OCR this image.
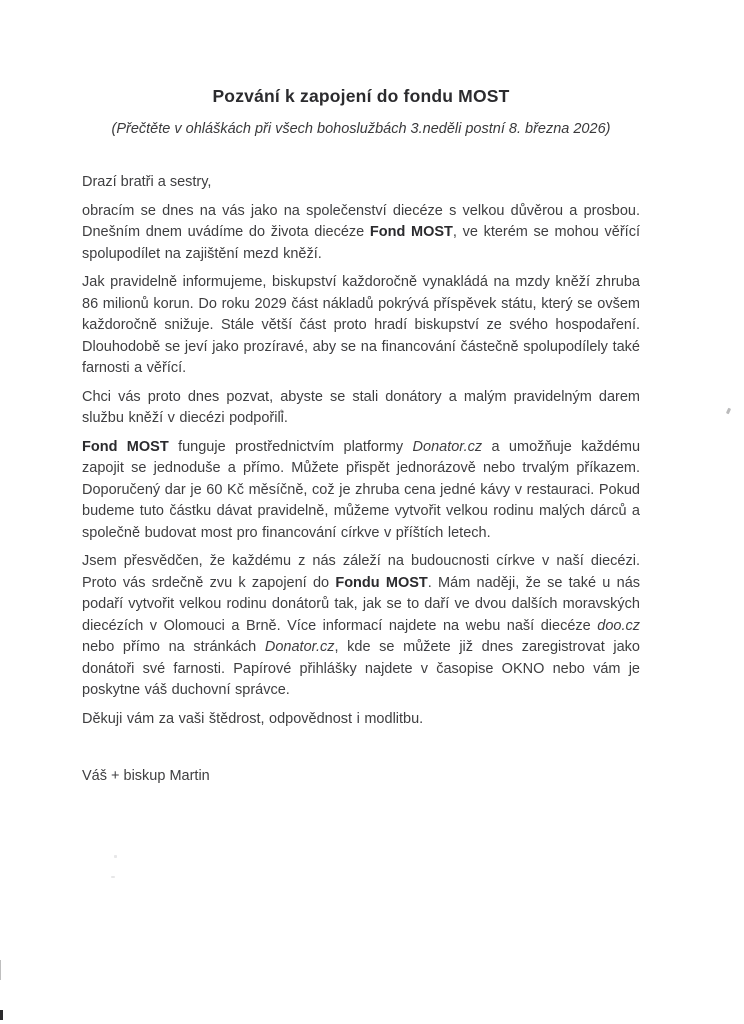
Pozvání k zapojení do fondu MOST

(Přečtěte v ohláškách při všech bohoslužbách 3.neděli postní 8. března 2026)

Drazí bratři a sestry,

obracím se dnes na vás jako na společenství diecéze s velkou důvěrou a prosbou. Dnešním dnem uvádíme do života diecéze Fond MOST, ve kterém se mohou věřící spolupodílet na zajištění mezd kněží.

Jak pravidelně informujeme, biskupství každoročně vynakládá na mzdy kněží zhruba 86 milionů korun. Do roku 2029 část nákladů pokrývá příspěvek státu, který se ovšem každoročně snižuje. Stále větší část proto hradí biskupství ze svého hospodaření. Dlouhodobě se jeví jako prozíravé, aby se na financování částečně spolupodílely také farnosti a věřící.

Chci vás proto dnes pozvat, abyste se stali donátory a malým pravidelným darem službu kněží v diecézi podpořili.

Fond MOST funguje prostřednictvím platformy Donator.cz a umožňuje každému zapojit se jednoduše a přímo. Můžete přispět jednorázově nebo trvalým příkazem. Doporučený dar je 60 Kč měsíčně, což je zhruba cena jedné kávy v restauraci. Pokud budeme tuto částku dávat pravidelně, můžeme vytvořit velkou rodinu malých dárců a společně budovat most pro financování církve v příštích letech.

Jsem přesvědčen, že každému z nás záleží na budoucnosti církve v naší diecézi. Proto vás srdečně zvu k zapojení do Fondu MOST. Mám naději, že se také u nás podaří vytvořit velkou rodinu donátorů tak, jak se to daří ve dvou dalších moravských diecézích v Olomouci a Brně. Více informací najdete na webu naší diecéze doo.cz nebo přímo na stránkách Donator.cz, kde se můžete již dnes zaregistrovat jako donátoři své farnosti. Papírové přihlášky najdete v časopise OKNO nebo vám je poskytne váš duchovní správce.

Děkuji vám za vaši štědrost, odpovědnost i modlitbu.

Váš + biskup Martin
